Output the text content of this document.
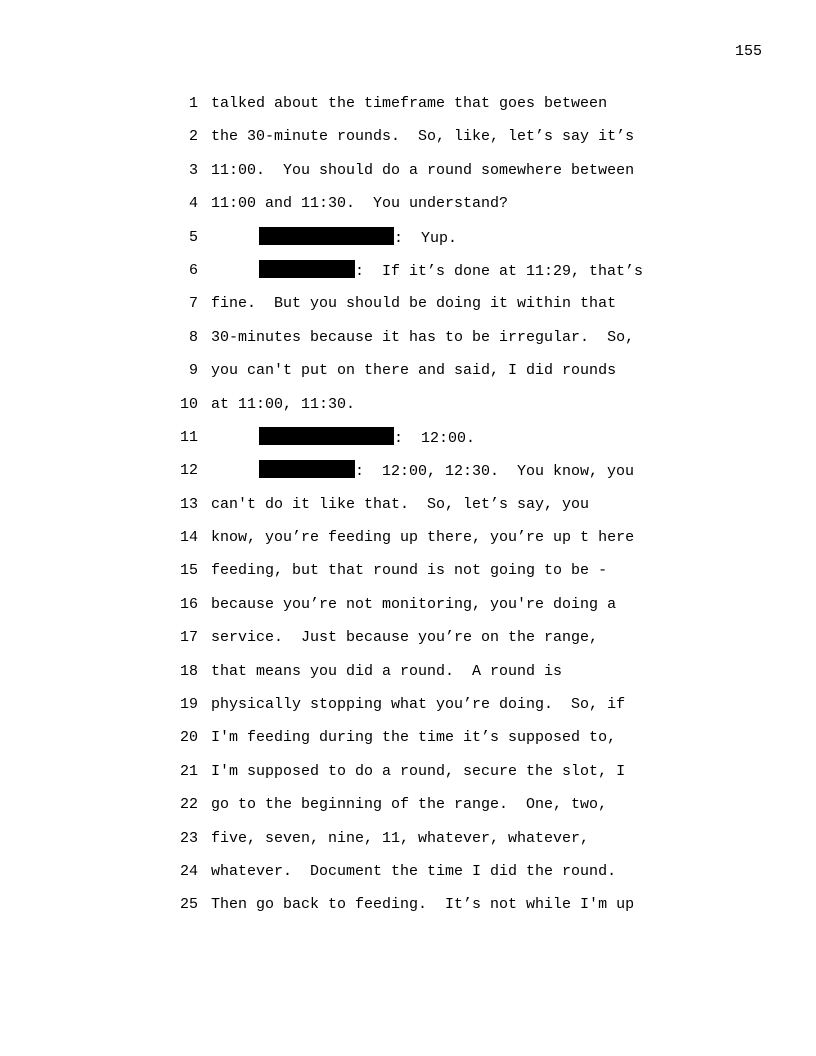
155
1 talked about the timeframe that goes between
2 the 30-minute rounds.  So, like, let’s say it’s
3 11:00.  You should do a round somewhere between
4 11:00 and 11:30.  You understand?
5	:  Yup.
6	:  If it’s done at 11:29, that’s
7 fine.  But you should be doing it within that
8 30-minutes because it has to be irregular.  So,
9 you can't put on there and said, I did rounds
10 at 11:00, 11:30.
11	:  12:00.
12	:  12:00, 12:30.  You know, you
13 can't do it like that.  So, let’s say, you
14 know, you’re feeding up there, you’re up t here
15 feeding, but that round is not going to be -
16 because you’re not monitoring, you're doing a
17 service.  Just because you’re on the range,
18 that means you did a round.  A round is
19 physically stopping what you’re doing.  So, if
20 I'm feeding during the time it’s supposed to,
21 I'm supposed to do a round, secure the slot, I
22 go to the beginning of the range.  One, two,
23 five, seven, nine, 11, whatever, whatever,
24 whatever.  Document the time I did the round.
25 Then go back to feeding.  It’s not while I'm up
